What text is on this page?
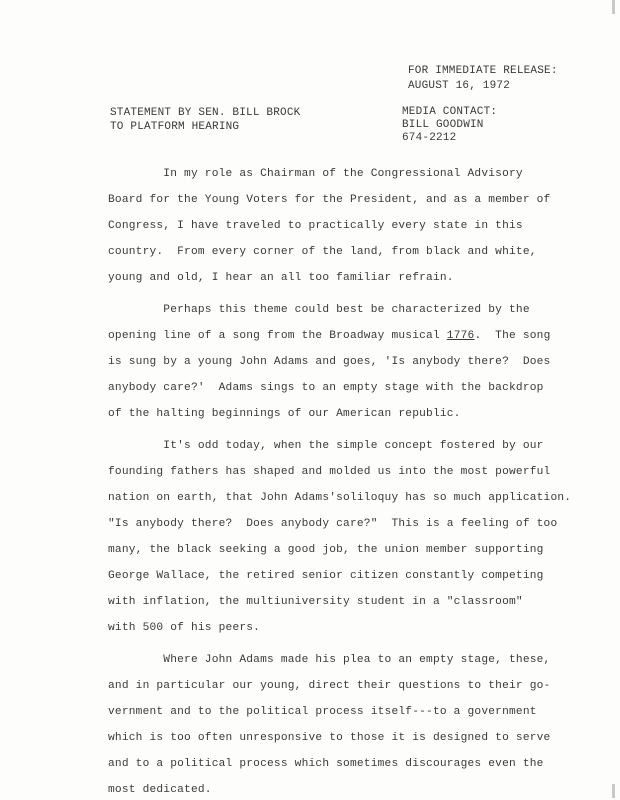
FOR IMMEDIATE RELEASE:
AUGUST 16, 1972
STATEMENT BY SEN. BILL BROCK
TO PLATFORM HEARING
MEDIA CONTACT:
BILL GOODWIN
674-2212
In my role as Chairman of the Congressional Advisory
Board for the Young Voters for the President, and as a member of
Congress, I have traveled to practically every state in this
country.  From every corner of the land, from black and white,
young and old, I hear an all too familiar refrain.
Perhaps this theme could best be characterized by the
opening line of a song from the Broadway musical 1776.  The song
is sung by a young John Adams and goes, 'Is anybody there?  Does
anybody care?'  Adams sings to an empty stage with the backdrop
of the halting beginnings of our American republic.
It's odd today, when the simple concept fostered by our
founding fathers has shaped and molded us into the most powerful
nation on earth, that John Adams'soliloquy has so much application.
"Is anybody there?  Does anybody care?"  This is a feeling of too
many, the black seeking a good job, the union member supporting
George Wallace, the retired senior citizen constantly competing
with inflation, the multiuniversity student in a "classroom"
with 500 of his peers.
Where John Adams made his plea to an empty stage, these,
and in particular our young, direct their questions to their go-
vernment and to the political process itself---to a government
which is too often unresponsive to those it is designed to serve
and to a political process which sometimes discourages even the
most dedicated.
